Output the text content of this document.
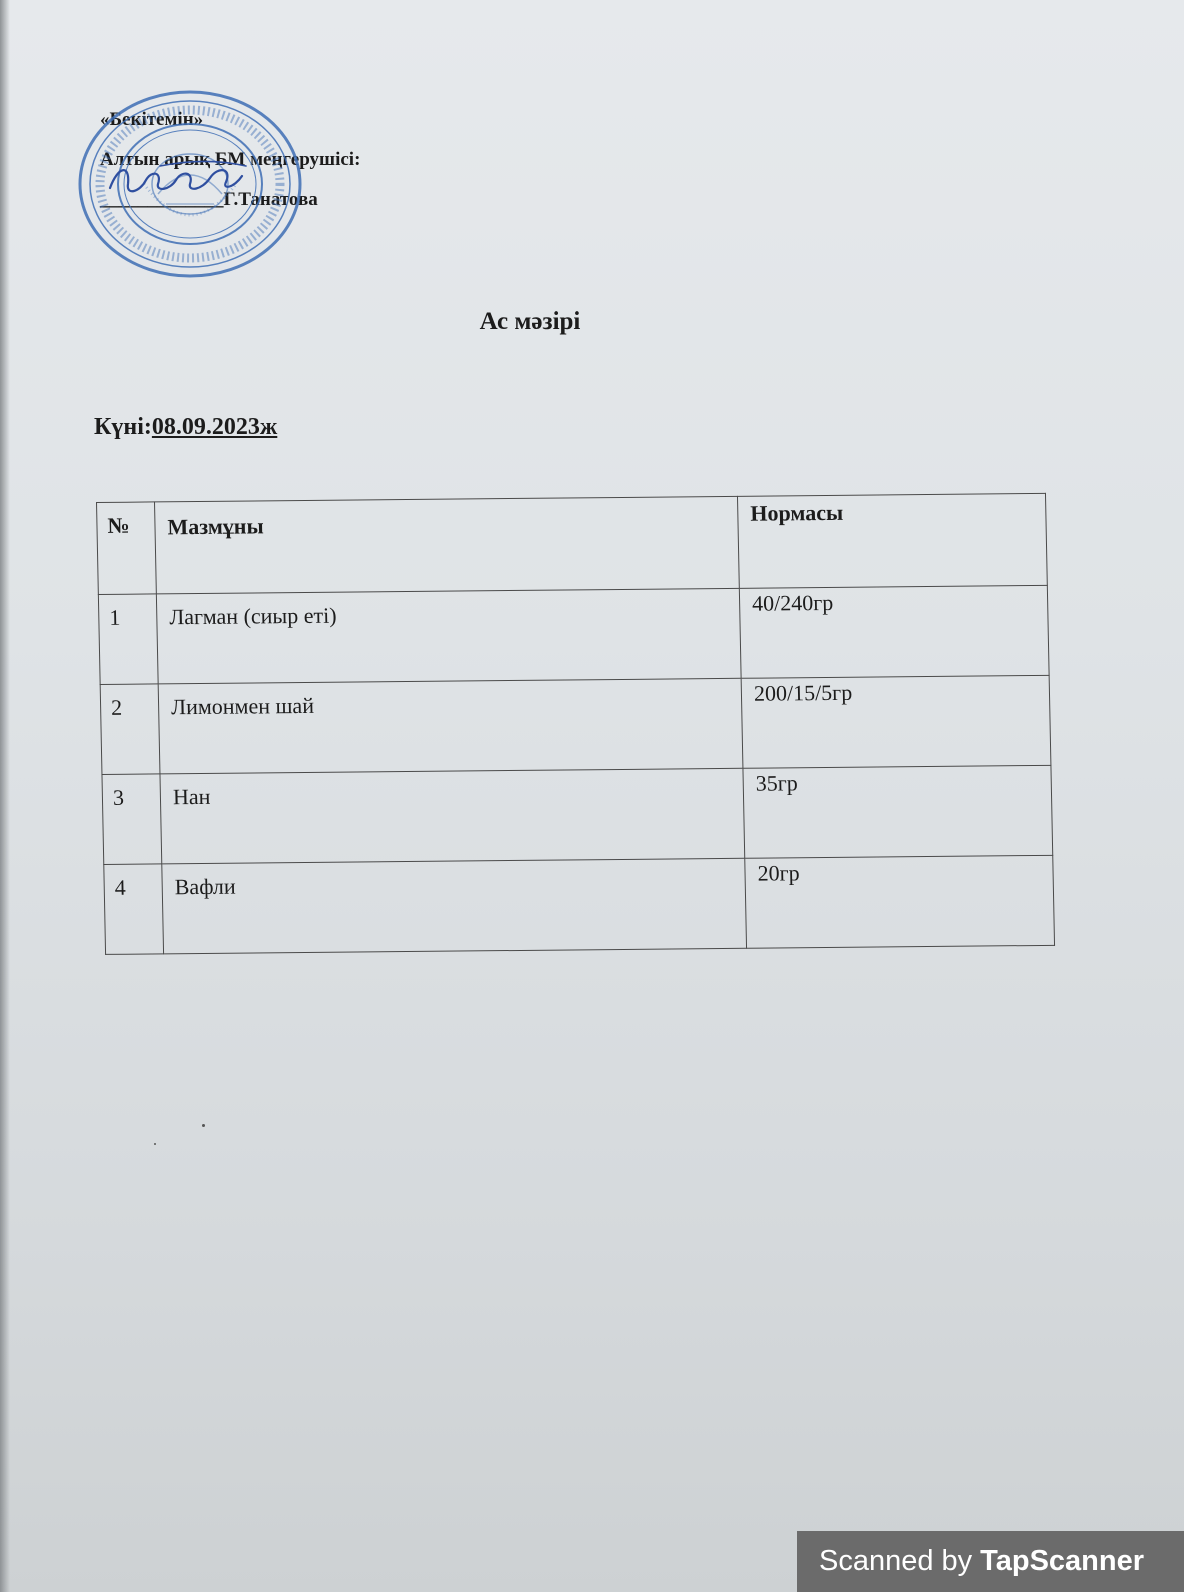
«Бекітемін»
Алтын арық БМ меңгерушісі:
_____________Г.Танатова
Ас мәзірі
Күні:08.09.2023ж
№	Мазмұны	Нормасы
1	Лагман (сиыр еті)	40/240гр
2	Лимонмен шай	200/15/5гр
3	Нан	35гр
4	Вафли	20гр
Scanned by TapScanner
